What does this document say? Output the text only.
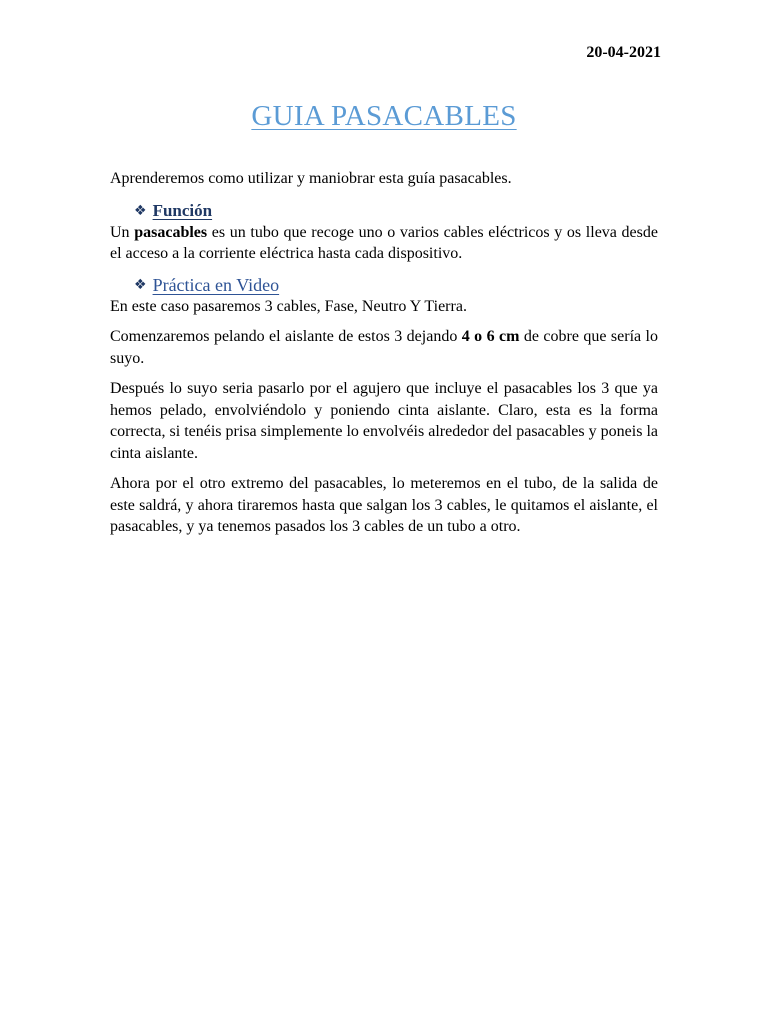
20-04-2021
GUIA PASACABLES

Aprenderemos como utilizar y maniobrar esta guía pasacables.

❖ Función

Un pasacables es un tubo que recoge uno o varios cables eléctricos y os lleva desde el acceso a la corriente eléctrica hasta cada dispositivo.

❖ Práctica en Video

En este caso pasaremos 3 cables, Fase, Neutro Y Tierra.

Comenzaremos pelando el aislante de estos 3 dejando 4 o 6 cm de cobre que sería lo suyo.

Después lo suyo seria pasarlo por el agujero que incluye el pasacables los 3 que ya hemos pelado, envolviéndolo y poniendo cinta aislante. Claro, esta es la forma correcta, si tenéis prisa simplemente lo envolvéis alrededor del pasacables y poneis la cinta aislante.

Ahora por el otro extremo del pasacables, lo meteremos en el tubo, de la salida de este saldrá, y ahora tiraremos hasta que salgan los 3 cables, le quitamos el aislante, el pasacables, y ya tenemos pasados los 3 cables de un tubo a otro.
